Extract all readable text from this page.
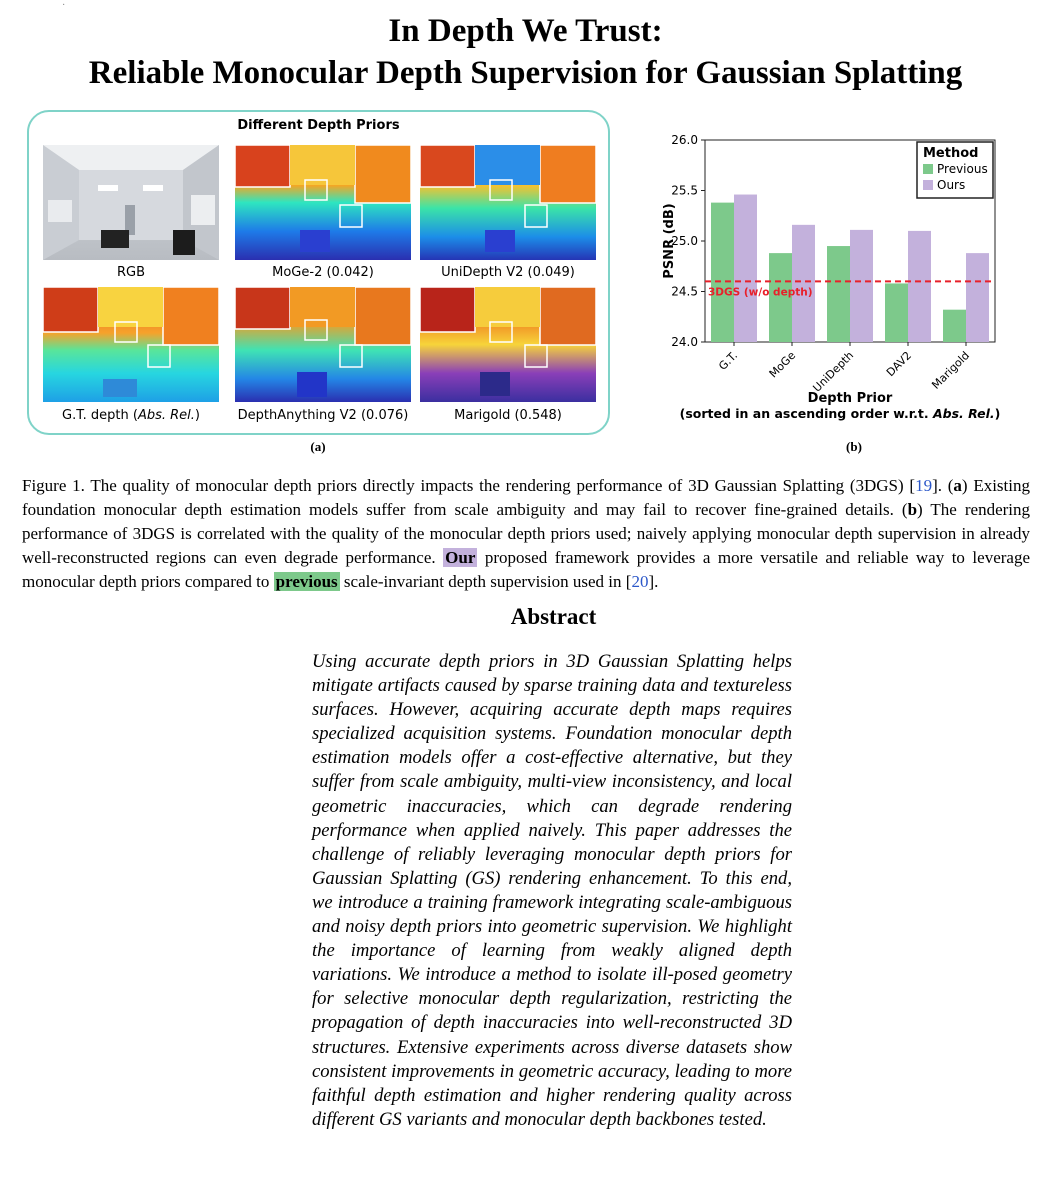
·
In Depth We Trust:
Reliable Monocular Depth Supervision for Gaussian Splatting
Different Depth Priors
RGB	MoGe-2 (0.042)	UniDepth V2 (0.049)
G.T. depth (Abs. Rel.)	DepthAnything V2 (0.076)	Marigold (0.548)
(a)
24.0
24.5
25.0
25.5
26.0
PSNR (dB)
G.T. MoGe UniDepth	DAV2 Marigold
3DGS (w/o depth)
Method
Previous
Ours
Depth Prior
(sorted in an ascending order w.r.t. Abs. Rel.)
(b)
Figure 1. The quality of monocular depth priors directly impacts the rendering performance of 3D Gaussian Splatting (3DGS) [19]. (a) Existing foundation monocular depth estimation models suffer from scale ambiguity and may fail to recover fine-grained details. (b) The rendering performance of 3DGS is correlated with the quality of the monocular depth priors used; naively applying monocular depth supervision in already well-reconstructed regions can even degrade performance. Our proposed framework provides a more versatile and reliable way to leverage monocular depth priors compared to previous scale-invariant depth supervision used in [20].
Abstract
Using accurate depth priors in 3D Gaussian Splatting helps mitigate artifacts caused by sparse training data and textureless surfaces. However, acquiring accurate depth maps requires specialized acquisition systems. Foundation monocular depth estimation models offer a cost-effective alternative, but they suffer from scale ambiguity, multi-view inconsistency, and local geometric inaccuracies, which can degrade rendering performance when applied naively. This paper addresses the challenge of reliably leveraging monocular depth priors for Gaussian Splatting (GS) rendering enhancement. To this end, we introduce a training framework integrating scale-ambiguous and noisy depth priors into geometric supervision. We highlight the importance of learning from weakly aligned depth variations. We introduce a method to isolate ill-posed geometry for selective monocular depth regularization, restricting the propagation of depth inaccuracies into well-reconstructed 3D structures. Extensive experiments across diverse datasets show consistent improvements in geometric accuracy, leading to more faithful depth estimation and higher rendering quality across different GS variants and monocular depth backbones tested.
